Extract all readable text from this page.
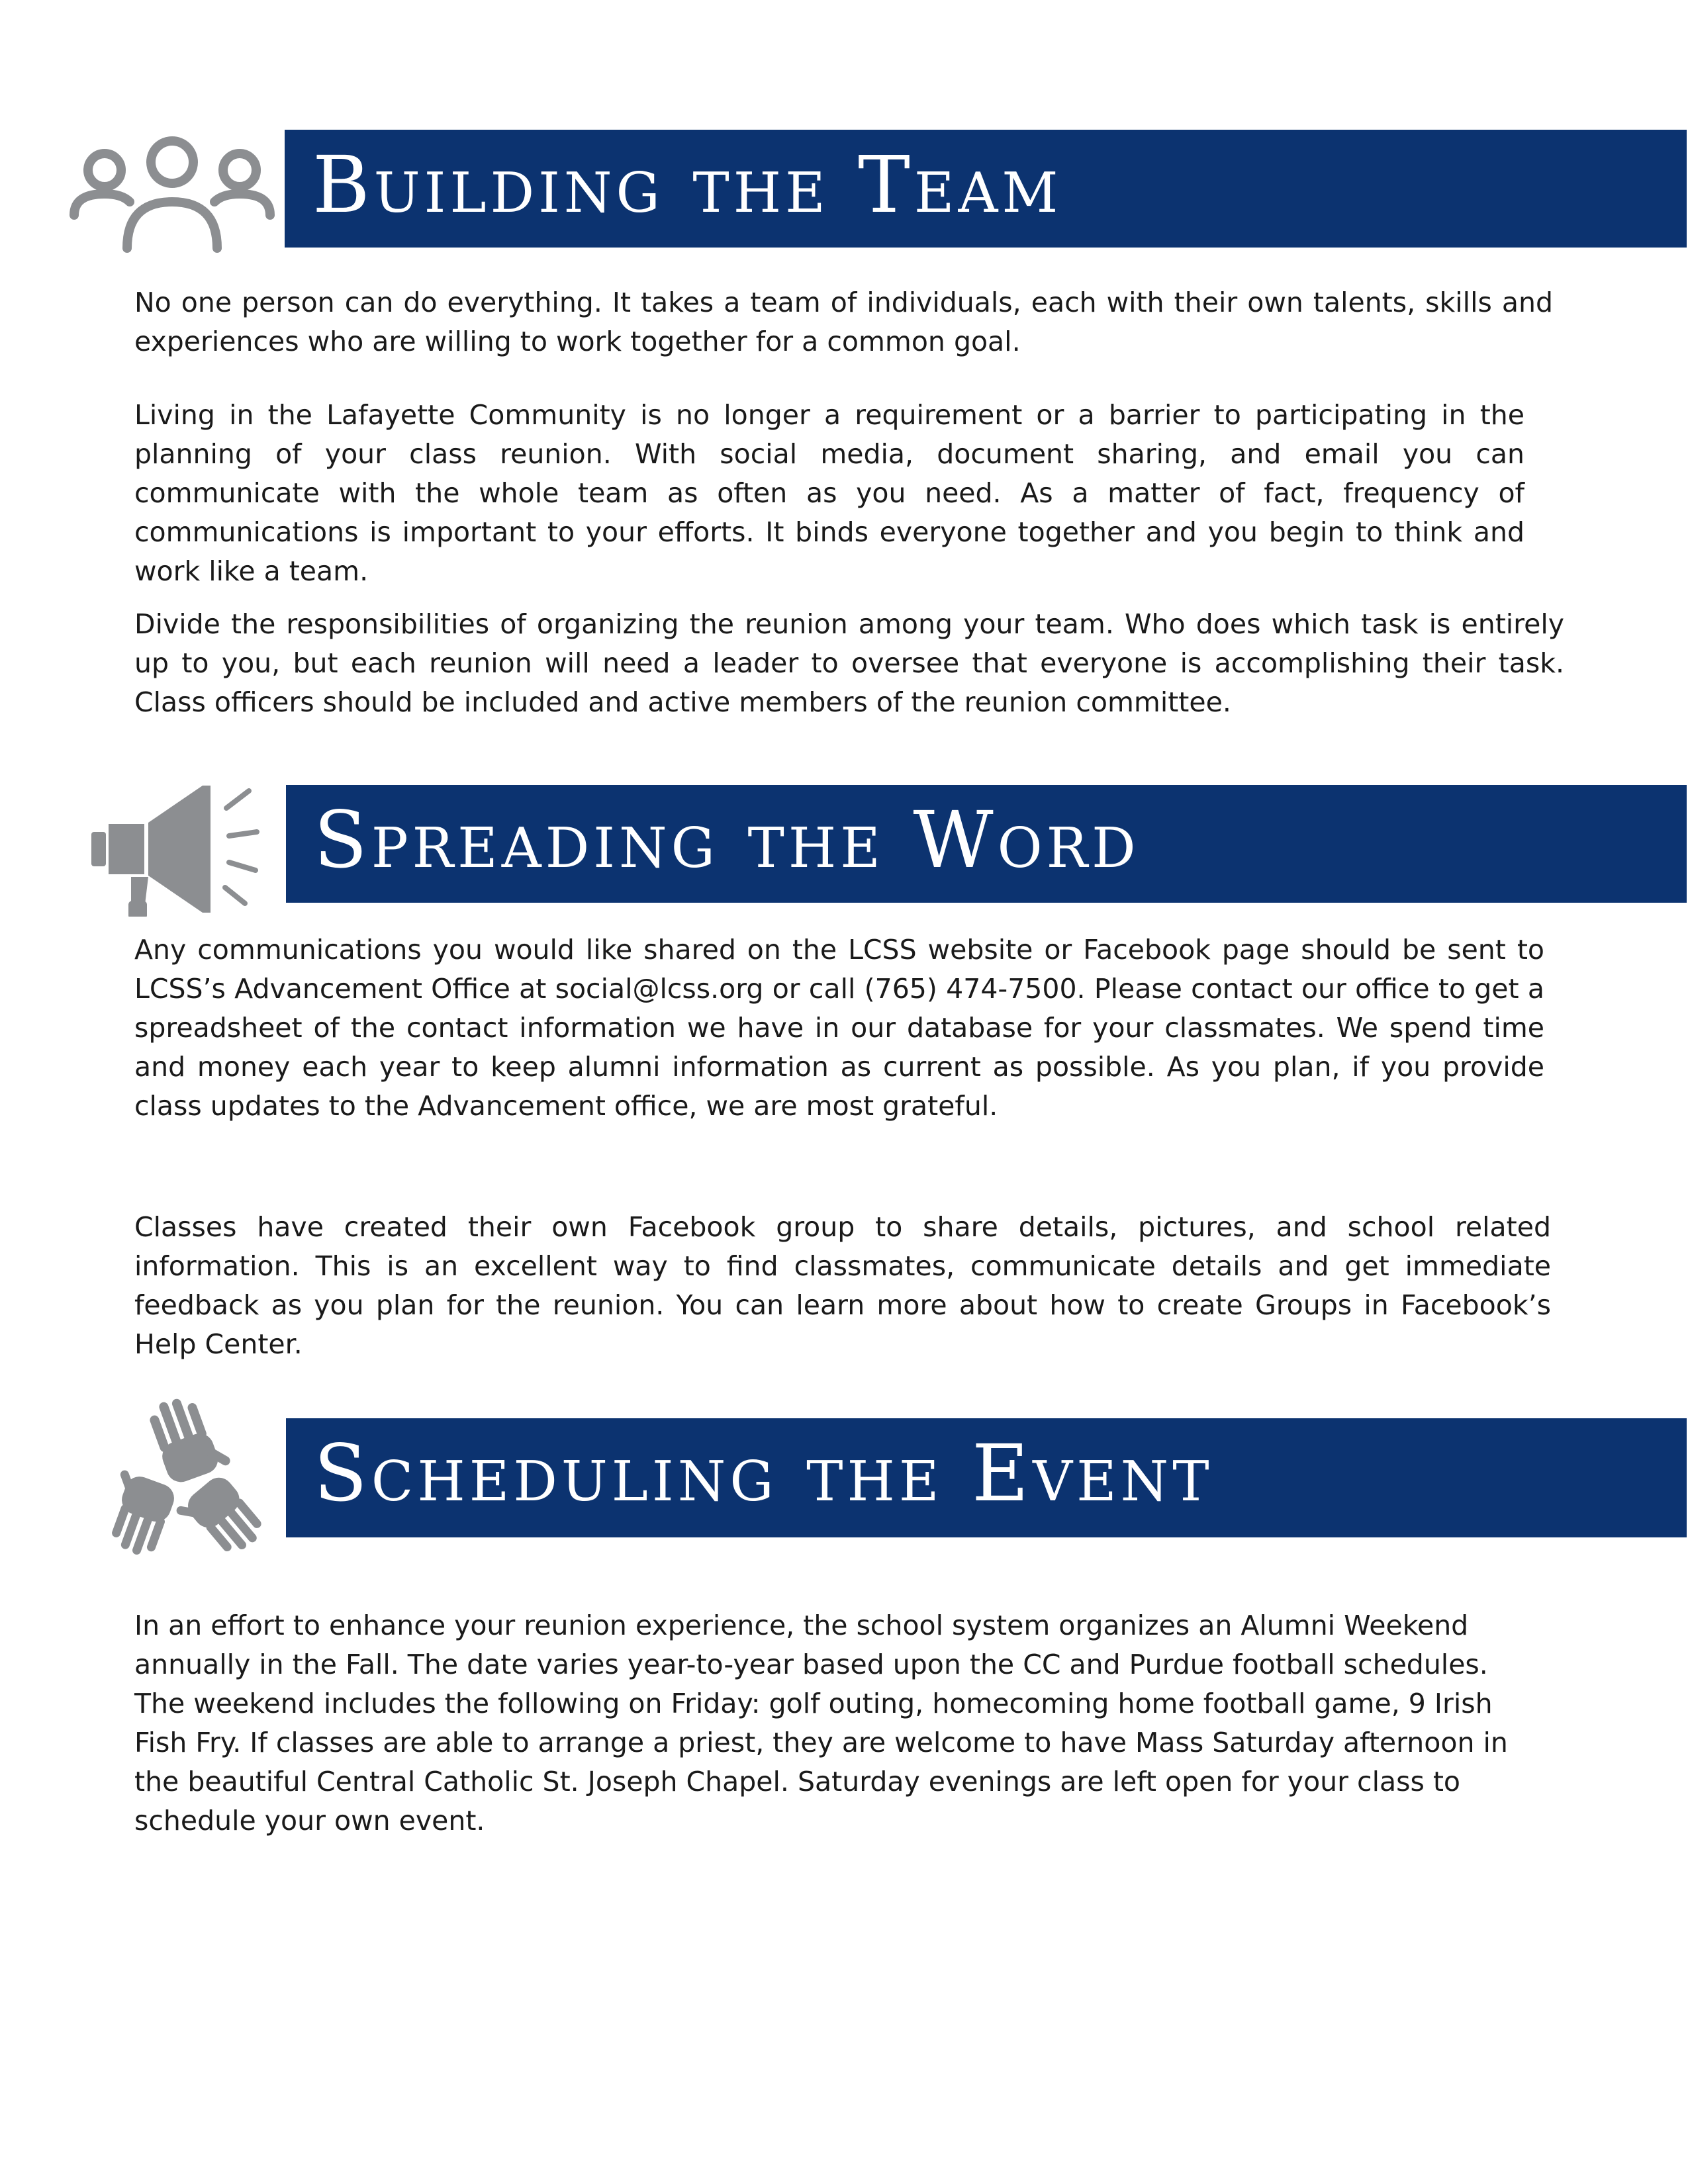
Building the Team

No one person can do everything. It takes a team of individuals, each with their own talents, skills and experiences who are willing to work together for a common goal.

Living in the Lafayette Community is no longer a requirement or a barrier to participating in the planning of your class reunion. With social media, document sharing, and email you can communicate with the whole team as often as you need. As a matter of fact, frequency of communications is important to your efforts. It binds everyone together and you begin to think and work like a team.

Divide the responsibilities of organizing the reunion among your team. Who does which task is entirely up to you, but each reunion will need a leader to oversee that everyone is accomplishing their task. Class officers should be included and active members of the reunion committee.

Spreading the Word

Any communications you would like shared on the LCSS website or Facebook page should be sent to LCSS’s Advancement Office at social@lcss.org or call (765) 474-7500. Please contact our office to get a spreadsheet of the contact information we have in our database for your classmates. We spend time and money each year to keep alumni information as current as possible. As you plan, if you provide class updates to the Advancement office, we are most grateful.

Classes have created their own Facebook group to share details, pictures, and school related information. This is an excellent way to find classmates, communicate details and get immediate feedback as you plan for the reunion. You can learn more about how to create Groups in Facebook’s Help Center.

Scheduling the Event

In an effort to enhance your reunion experience, the school system organizes an Alumni Weekend annually in the Fall. The date varies year-to-year based upon the CC and Purdue football schedules. The weekend includes the following on Friday: golf outing, homecoming home football game, 9 Irish Fish Fry. If classes are able to arrange a priest, they are welcome to have Mass Saturday afternoon in the beautiful Central Catholic St. Joseph Chapel. Saturday evenings are left open for your class to schedule your own event.
